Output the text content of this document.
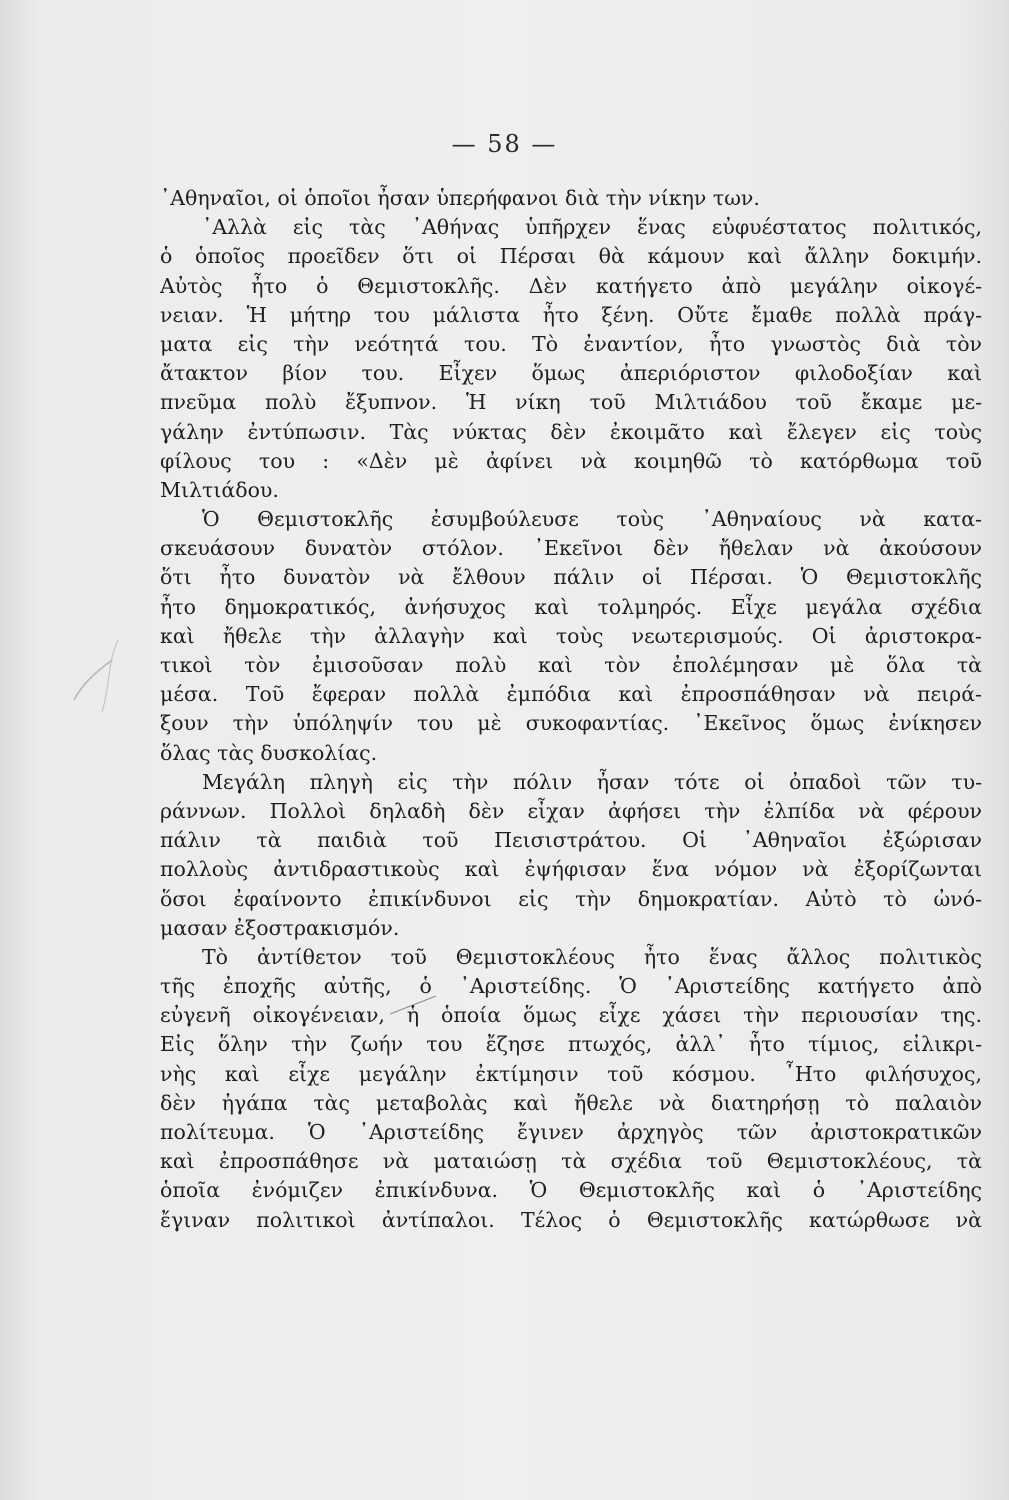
— 58 —
᾿Αθηναῖοι, οἱ ὁποῖοι ἦσαν ὑπερήφανοι διὰ τὴν νίκην των.
᾿Αλλὰ εἰς τὰς ᾿Αθήνας ὑπῆρχεν ἕνας εὐφυέστατος πολιτικός,
ὁ ὁποῖος προεῖδεν ὅτι οἱ Πέρσαι θὰ κάμουν καὶ ἄλλην δοκιμήν.
Αὐτὸς ἦτο ὁ Θεμιστοκλῆς. Δὲν κατήγετο ἀπὸ μεγάλην οἰκογέ-
νειαν. Ἡ μήτηρ του μάλιστα ἦτο ξένη. Οὔτε ἔμαθε πολλὰ πράγ-
ματα εἰς τὴν νεότητά του. Τὸ ἐναντίον, ἦτο γνωστὸς διὰ τὸν
ἄτακτον βίον του. Εἶχεν ὅμως ἀπεριόριστον φιλοδοξίαν καὶ
πνεῦμα πολὺ ἔξυπνον. Ἡ νίκη τοῦ Μιλτιάδου τοῦ ἔκαμε με-
γάλην ἐντύπωσιν. Τὰς νύκτας δὲν ἐκοιμᾶτο καὶ ἔλεγεν εἰς τοὺς
φίλους του : «Δὲν μὲ ἀφίνει νὰ κοιμηθῶ τὸ κατόρθωμα τοῦ
Μιλτιάδου.
Ὁ Θεμιστοκλῆς ἐσυμβούλευσε τοὺς ᾿Αθηναίους νὰ κατα-
σκευάσουν δυνατὸν στόλον. ᾿Εκεῖνοι δὲν ἤθελαν νὰ ἀκούσουν
ὅτι ἦτο δυνατὸν νὰ ἔλθουν πάλιν οἱ Πέρσαι. Ὁ Θεμιστοκλῆς
ἦτο δημοκρατικός, ἀνήσυχος καὶ τολμηρός. Εἶχε μεγάλα σχέδια
καὶ ἤθελε τὴν ἀλλαγὴν καὶ τοὺς νεωτερισμούς. Οἱ ἀριστοκρα-
τικοὶ τὸν ἐμισοῦσαν πολὺ καὶ τὸν ἐπολέμησαν μὲ ὅλα τὰ
μέσα. Τοῦ ἔφεραν πολλὰ ἐμπόδια καὶ ἐπροσπάθησαν νὰ πειρά-
ξουν τὴν ὑπόληψίν του μὲ συκοφαντίας. ᾿Εκεῖνος ὅμως ἐνίκησεν
ὅλας τὰς δυσκολίας.
Μεγάλη πληγὴ εἰς τὴν πόλιν ἦσαν τότε οἱ ὀπαδοὶ τῶν τυ-
ράννων. Πολλοὶ δηλαδὴ δὲν εἶχαν ἀφήσει τὴν ἐλπίδα νὰ φέρουν
πάλιν τὰ παιδιὰ τοῦ Πεισιστράτου. Οἱ ᾿Αθηναῖοι ἐξώρισαν
πολλοὺς ἀντιδραστικοὺς καὶ ἐψήφισαν ἕνα νόμον νὰ ἐξορίζωνται
ὅσοι ἐφαίνοντο ἐπικίνδυνοι εἰς τὴν δημοκρατίαν. Αὐτὸ τὸ ὠνό-
μασαν ἐξοστρακισμόν.
Τὸ ἀντίθετον τοῦ Θεμιστοκλέους ἦτο ἕνας ἄλλος πολιτικὸς
τῆς ἐποχῆς αὐτῆς, ὁ ᾿Αριστείδης. Ὁ ᾿Αριστείδης κατήγετο ἀπὸ
εὐγενῆ οἰκογένειαν, ἡ ὁποία ὅμως εἶχε χάσει τὴν περιουσίαν της.
Εἰς ὅλην τὴν ζωήν του ἔζησε πτωχός, ἀλλ᾿ ἦτο τίμιος, εἰλικρι-
νὴς καὶ εἶχε μεγάλην ἐκτίμησιν τοῦ κόσμου. ῏Ητο φιλήσυχος,
δὲν ἠγάπα τὰς μεταβολὰς καὶ ἤθελε νὰ διατηρήσῃ τὸ παλαιὸν
πολίτευμα. Ὁ ᾿Αριστείδης ἔγινεν ἀρχηγὸς τῶν ἀριστοκρατικῶν
καὶ ἐπροσπάθησε νὰ ματαιώσῃ τὰ σχέδια τοῦ Θεμιστοκλέους, τὰ
ὁποῖα ἐνόμιζεν ἐπικίνδυνα. Ὁ Θεμιστοκλῆς καὶ ὁ ᾿Αριστείδης
ἔγιναν πολιτικοὶ ἀντίπαλοι. Τέλος ὁ Θεμιστοκλῆς κατώρθωσε νὰ
